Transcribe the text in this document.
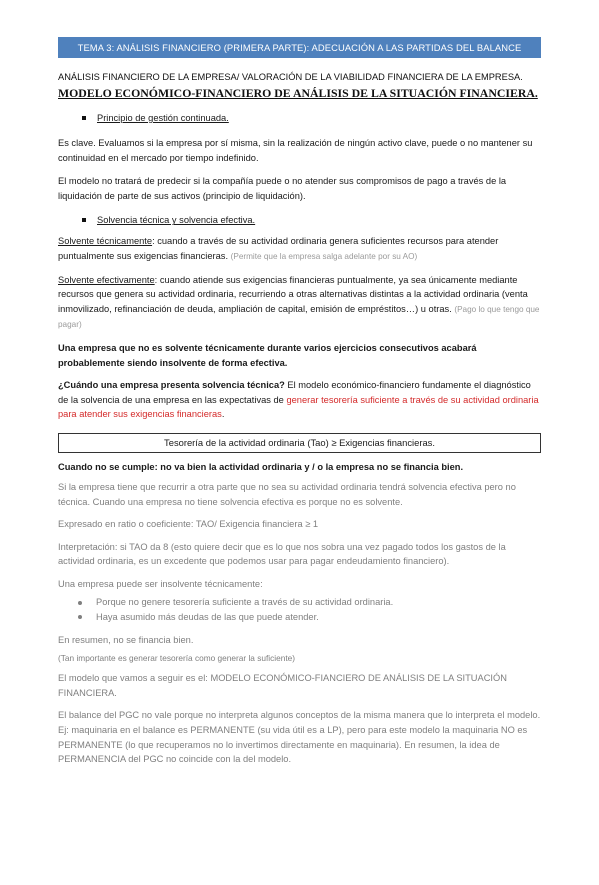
TEMA 3: ANÁLISIS FINANCIERO (PRIMERA PARTE): ADECUACIÓN A LAS PARTIDAS DEL BALANCE
ANÁLISIS FINANCIERO DE LA EMPRESA/ VALORACIÓN DE LA VIABILIDAD FINANCIERA DE LA EMPRESA.
MODELO ECONÓMICO-FINANCIERO DE ANÁLISIS DE LA SITUACIÓN FINANCIERA.
Principio de gestión continuada.

Es clave. Evaluamos si la empresa por sí misma, sin la realización de ningún activo clave, puede o no mantener su continuidad en el mercado por tiempo indefinido.

El modelo no tratará de predecir si la compañía puede o no atender sus compromisos de pago a través de la liquidación de parte de sus activos (principio de liquidación).

Solvencia técnica y solvencia efectiva.

Solvente técnicamente: cuando a través de su actividad ordinaria genera suficientes recursos para atender puntualmente sus exigencias financieras. (Permite que la empresa salga adelante por su AO)

Solvente efectivamente: cuando atiende sus exigencias financieras puntualmente, ya sea únicamente mediante recursos que genera su actividad ordinaria, recurriendo a otras alternativas distintas a la actividad ordinaria (venta inmovilizado, refinanciación de deuda, ampliación de capital, emisión de empréstitos…) u otras. (Pago lo que tengo que pagar)

Una empresa que no es solvente técnicamente durante varios ejercicios consecutivos acabará probablemente siendo insolvente de forma efectiva.

¿Cuándo una empresa presenta solvencia técnica? El modelo económico-financiero fundamente el diagnóstico de la solvencia de una empresa en las expectativas de generar tesorería suficiente a través de su actividad ordinaria para atender sus exigencias financieras.

Tesorería de la actividad ordinaria (Tao) ≥ Exigencias financieras.
Cuando no se cumple: no va bien la actividad ordinaria y / o la empresa no se financia bien.
Si la empresa tiene que recurrir a otra parte que no sea su actividad ordinaria tendrá solvencia efectiva pero no técnica. Cuando una empresa no tiene solvencia efectiva es porque no es solvente.
Expresado en ratio o coeficiente: TAO/ Exigencia financiera ≥ 1
Interpretación: si TAO da 8 (esto quiere decir que es lo que nos sobra una vez pagado todos los gastos de la actividad ordinaria, es un excedente que podemos usar para pagar endeudamiento financiero).
Una empresa puede ser insolvente técnicamente:
Porque no genere tesorería suficiente a través de su actividad ordinaria.
Haya asumido más deudas de las que puede atender.
En resumen, no se financia bien.
(Tan importante es generar tesorería como generar la suficiente)
El modelo que vamos a seguir es el: MODELO ECONÓMICO-FIANCIERO DE ANÁLISIS DE LA SITUACIÓN FINANCIERA.
El balance del PGC no vale porque no interpreta algunos conceptos de la misma manera que lo interpreta el modelo. Ej: maquinaria en el balance es PERMANENTE (su vida útil es a LP), pero para este modelo la maquinaria NO es PERMANENTE (lo que recuperamos no lo invertimos directamente en maquinaria). En resumen, la idea de PERMANENCIA del PGC no coincide con la del modelo.
